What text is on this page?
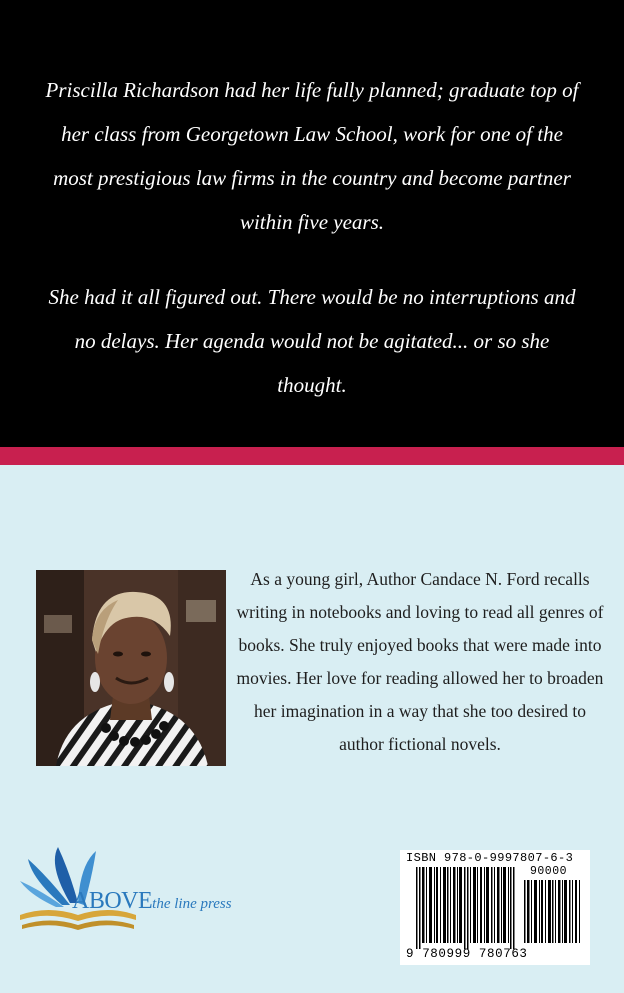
Priscilla Richardson had her life fully planned; graduate top of her class from Georgetown Law School, work for one of the most prestigious law firms in the country and become partner within five years.

She had it all figured out. There would be no interruptions and no delays. Her agenda would not be agitated... or so she thought.

As a young girl, Author Candace N. Ford recalls writing in notebooks and loving to read all genres of books. She truly enjoyed books that were made into movies. Her love for reading allowed her to broaden her imagination in a way that she too desired to author fictional novels.

ABOVEthe line press
ISBN 978-0-9997807-6-3
90000
9 780999 780763
